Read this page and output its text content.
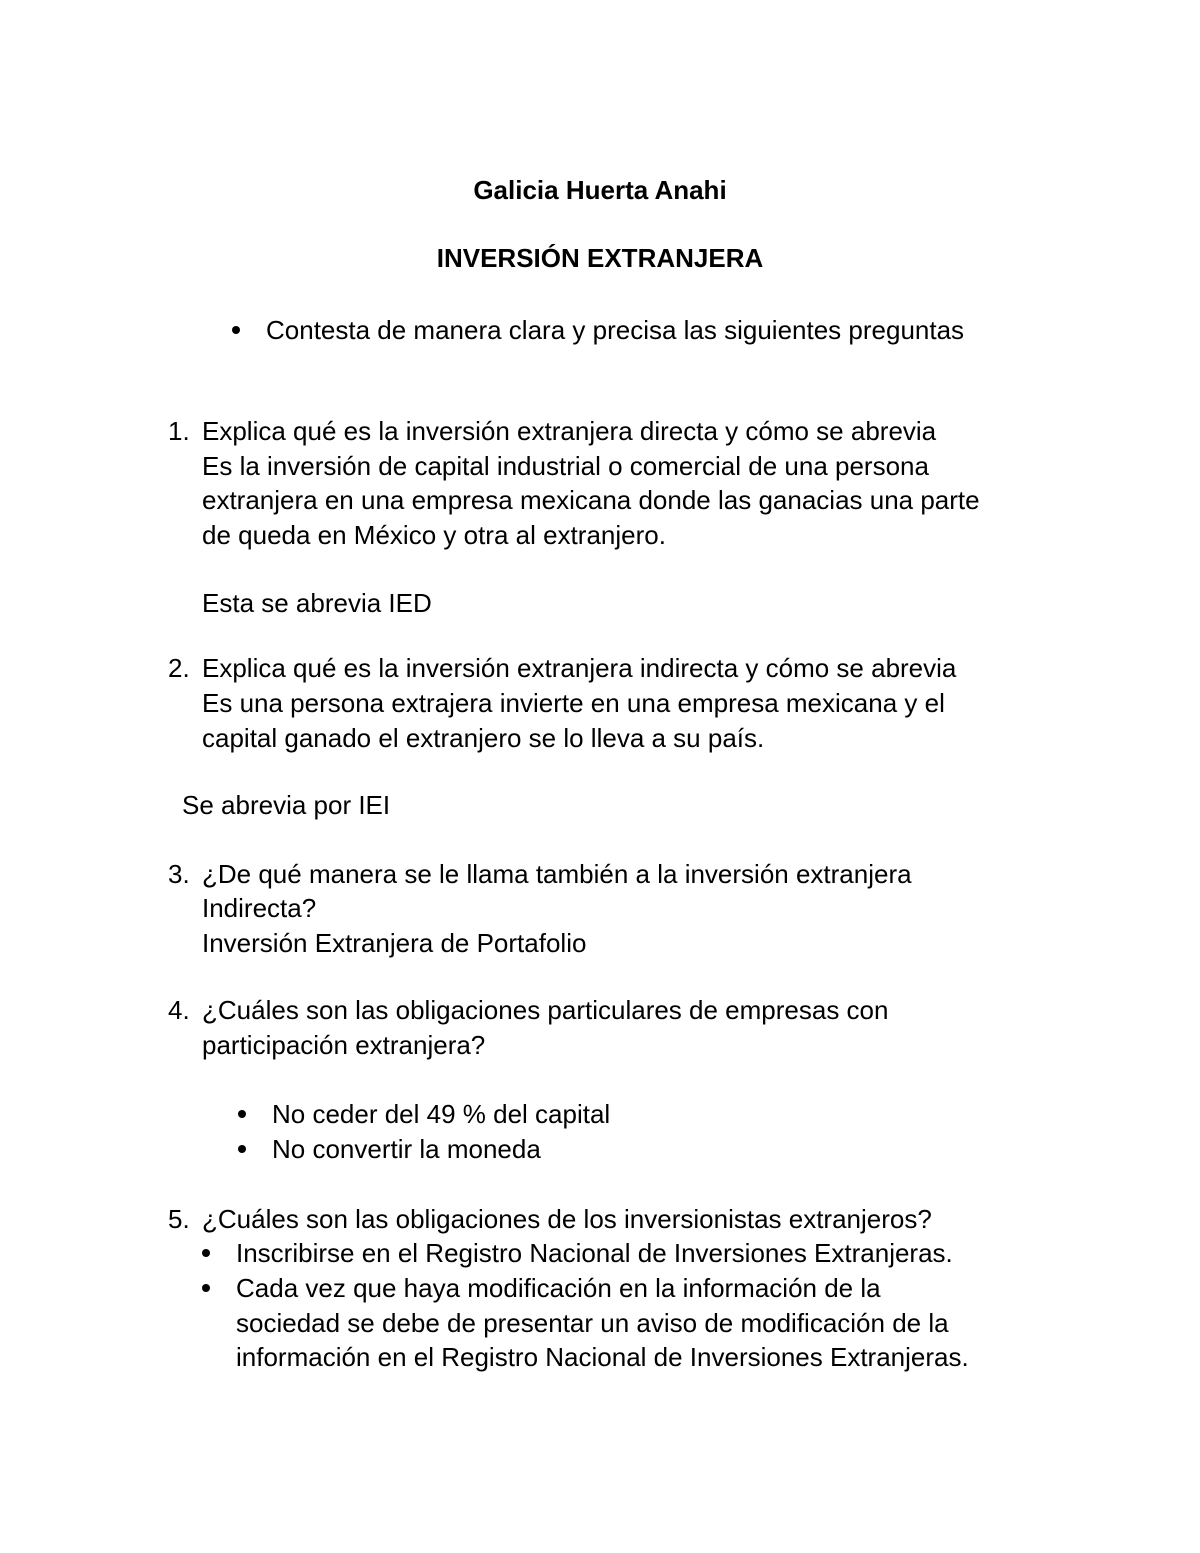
Galicia Huerta Anahi
INVERSIÓN EXTRANJERA
Contesta de manera clara y precisa las siguientes preguntas
1. Explica qué es la inversión extranjera directa y cómo se abrevia
Es la inversión de capital industrial o comercial de una persona
extranjera en una empresa mexicana donde las ganacias una parte
de queda en México y otra al extranjero.
Esta se abrevia IED
2. Explica qué es la inversión extranjera indirecta y cómo se abrevia
Es una persona extrajera invierte en una empresa mexicana y el
capital ganado el extranjero se lo lleva a su país.
Se abrevia por IEI
3. ¿De qué manera se le llama también a la inversión extranjera
Indirecta?
Inversión Extranjera de Portafolio
4. ¿Cuáles son las obligaciones particulares de empresas con
participación extranjera?
No ceder del 49 % del capital
No convertir la moneda
5. ¿Cuáles son las obligaciones de los inversionistas extranjeros?
Inscribirse en el Registro Nacional de Inversiones Extranjeras.
Cada vez que haya modificación en la información de la
sociedad se debe de presentar un aviso de modificación de la
información en el Registro Nacional de Inversiones Extranjeras.
